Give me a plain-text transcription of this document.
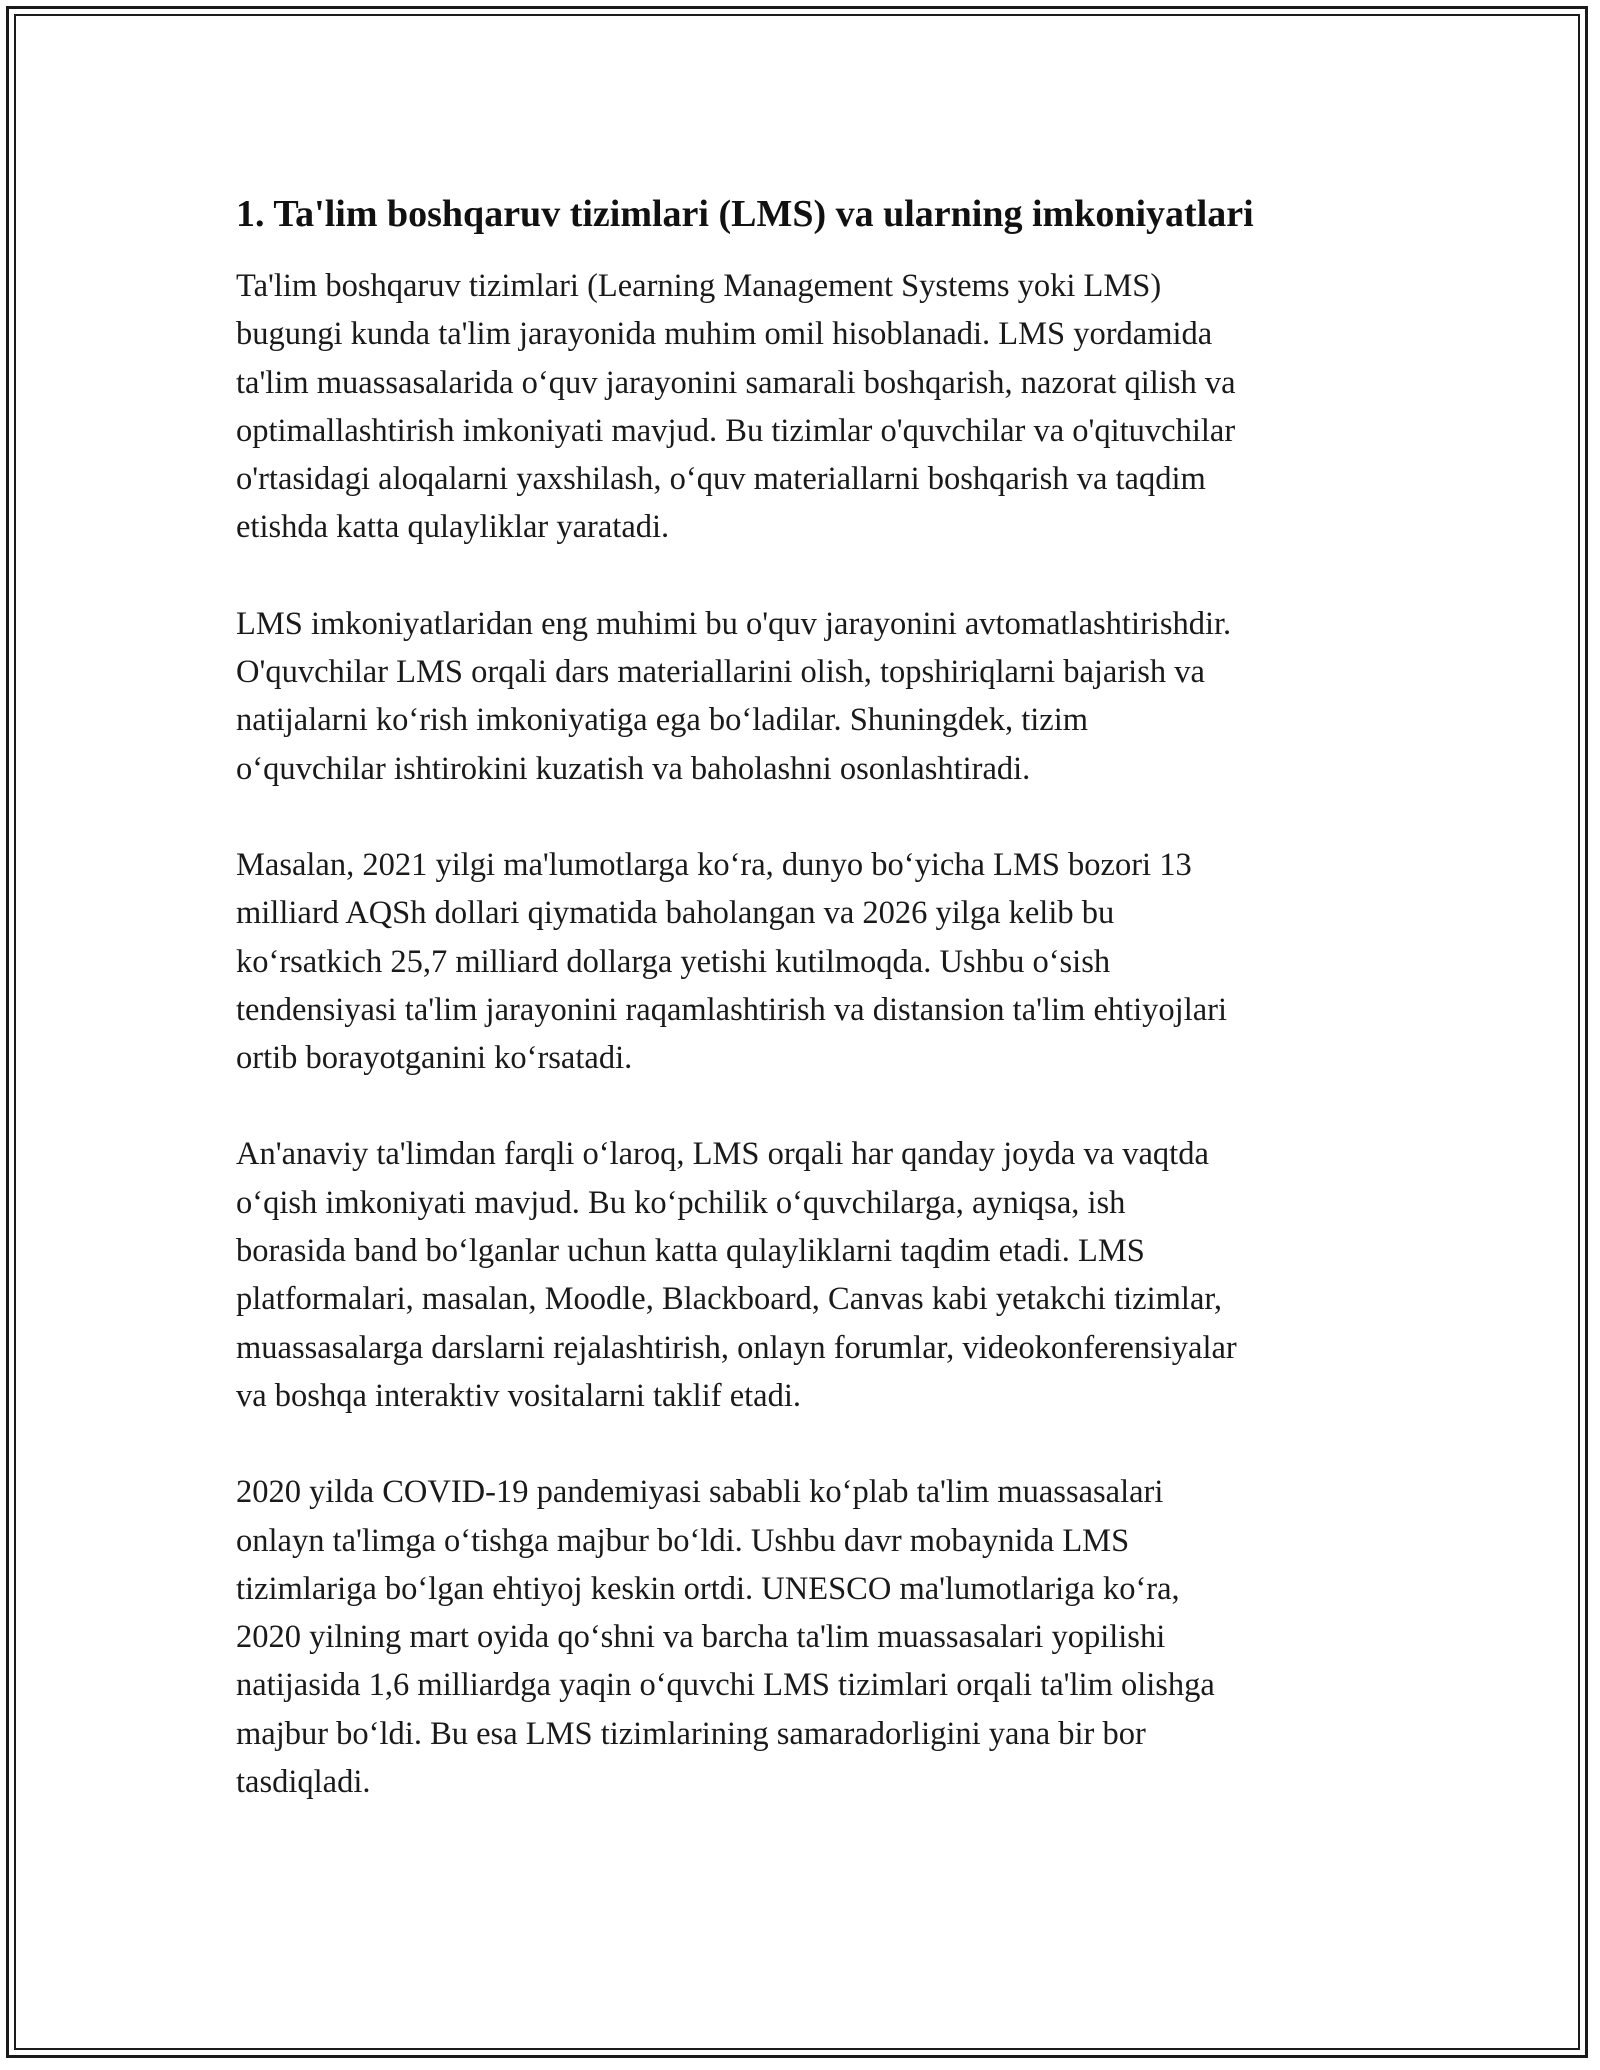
1. Ta'lim boshqaruv tizimlari (LMS) va ularning imkoniyatlari

Ta'lim boshqaruv tizimlari (Learning Management Systems yoki LMS)
bugungi kunda ta'lim jarayonida muhim omil hisoblanadi. LMS yordamida
ta'lim muassasalarida o‘quv jarayonini samarali boshqarish, nazorat qilish va
optimallashtirish imkoniyati mavjud. Bu tizimlar o'quvchilar va o'qituvchilar
o'rtasidagi aloqalarni yaxshilash, o‘quv materiallarni boshqarish va taqdim
etishda katta qulayliklar yaratadi.

LMS imkoniyatlaridan eng muhimi bu o'quv jarayonini avtomatlashtirishdir.
O'quvchilar LMS orqali dars materiallarini olish, topshiriqlarni bajarish va
natijalarni ko‘rish imkoniyatiga ega bo‘ladilar. Shuningdek, tizim
o‘quvchilar ishtirokini kuzatish va baholashni osonlashtiradi.

Masalan, 2021 yilgi ma'lumotlarga ko‘ra, dunyo bo‘yicha LMS bozori 13
milliard AQSh dollari qiymatida baholangan va 2026 yilga kelib bu
ko‘rsatkich 25,7 milliard dollarga yetishi kutilmoqda. Ushbu o‘sish
tendensiyasi ta'lim jarayonini raqamlashtirish va distansion ta'lim ehtiyojlari
ortib borayotganini ko‘rsatadi.

An'anaviy ta'limdan farqli o‘laroq, LMS orqali har qanday joyda va vaqtda
o‘qish imkoniyati mavjud. Bu ko‘pchilik o‘quvchilarga, ayniqsa, ish
borasida band bo‘lganlar uchun katta qulayliklarni taqdim etadi. LMS
platformalari, masalan, Moodle, Blackboard, Canvas kabi yetakchi tizimlar,
muassasalarga darslarni rejalashtirish, onlayn forumlar, videokonferensiyalar
va boshqa interaktiv vositalarni taklif etadi.

2020 yilda COVID-19 pandemiyasi sababli ko‘plab ta'lim muassasalari
onlayn ta'limga o‘tishga majbur bo‘ldi. Ushbu davr mobaynida LMS
tizimlariga bo‘lgan ehtiyoj keskin ortdi. UNESCO ma'lumotlariga ko‘ra,
2020 yilning mart oyida qo‘shni va barcha ta'lim muassasalari yopilishi
natijasida 1,6 milliardga yaqin o‘quvchi LMS tizimlari orqali ta'lim olishga
majbur bo‘ldi. Bu esa LMS tizimlarining samaradorligini yana bir bor
tasdiqladi.
